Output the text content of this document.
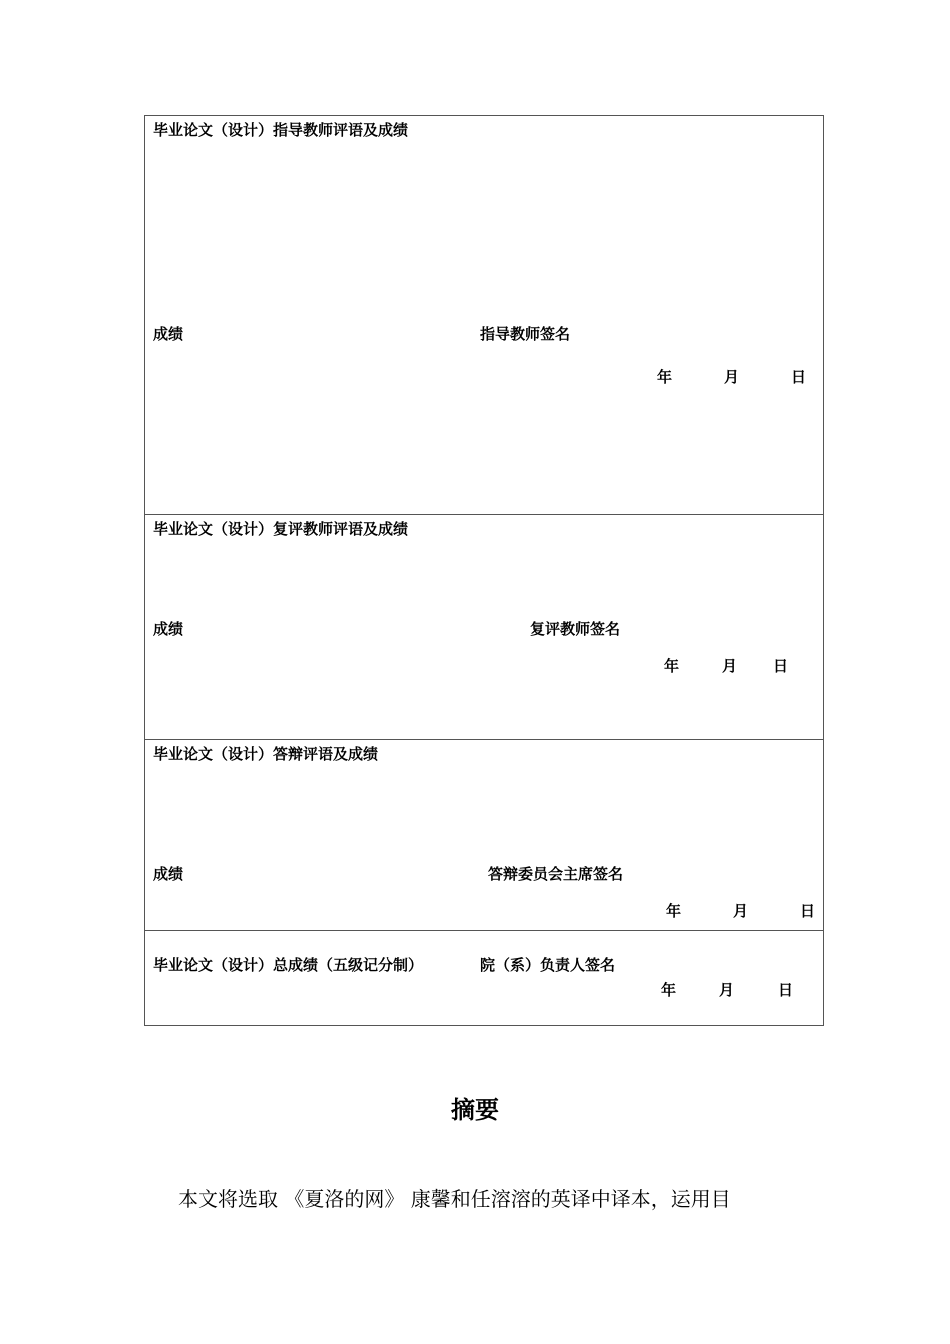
毕业论文（设计）指导教师评语及成绩
成绩	指导教师签名
年	月	日
毕业论文（设计）复评教师评语及成绩
成绩	复评教师签名
年	月 日
毕业论文（设计）答辩评语及成绩
成绩	答辩委员会主席签名
年	月	日
毕业论文（设计）总成绩（五级记分制）	院（系）负责人签名
年	月	日
摘要
本文将选取 《夏洛的网》 康馨和任溶溶的英译中译本，运用目
